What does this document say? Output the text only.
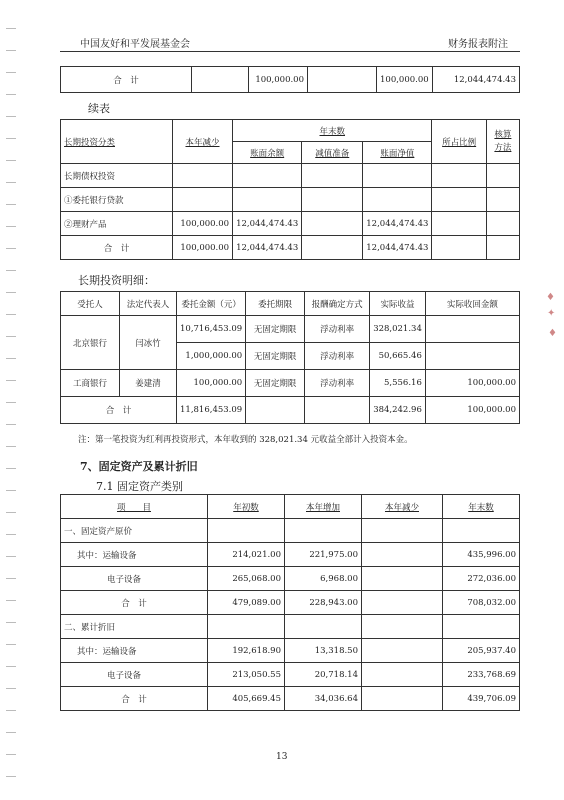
♦
✦
♦
中国友好和平发展基金会	财务报表附注
合　计		100,000.00		100,000.00	12,044,474.43
续表
长期投资分类	本年减少	年末数			所占比例	核算
方法

		账面余额	减值准备	账面净值		
长期债权投资						
①委托银行贷款						
②理财产品	100,000.00	12,044,474.43		12,044,474.43		
合　计	100,000.00	12,044,474.43		12,044,474.43		
长期投资明细：
受托人	法定代表人	委托金额（元）	委托期限	报酬确定方式	实际收益	实际收回金额
北京银行	闫冰竹	10,716,453.09	无固定期限	浮动利率	328,021.34	
		1,000,000.00	无固定期限	浮动利率	50,665.46	
工商银行	姜建清	100,000.00	无固定期限	浮动利率	5,556.16	100,000.00
合　计		11,816,453.09			384,242.96	100,000.00
注：第一笔投资为红利再投资形式，本年收到的 328,021.34 元收益全部计入投资本金。
7、固定资产及累计折旧
7.1 固定资产类别
项　　目	年初数	本年增加	本年减少	年末数
一、固定资产原价				
其中：运输设备	214,021.00	221,975.00		435,996.00
电子设备	265,068.00	6,968.00		272,036.00
合　计	479,089.00	228,943.00		708,032.00
二、累计折旧				
其中：运输设备	192,618.90	13,318.50		205,937.40
电子设备	213,050.55	20,718.14		233,768.69
合　计	405,669.45	34,036.64		439,706.09
13
